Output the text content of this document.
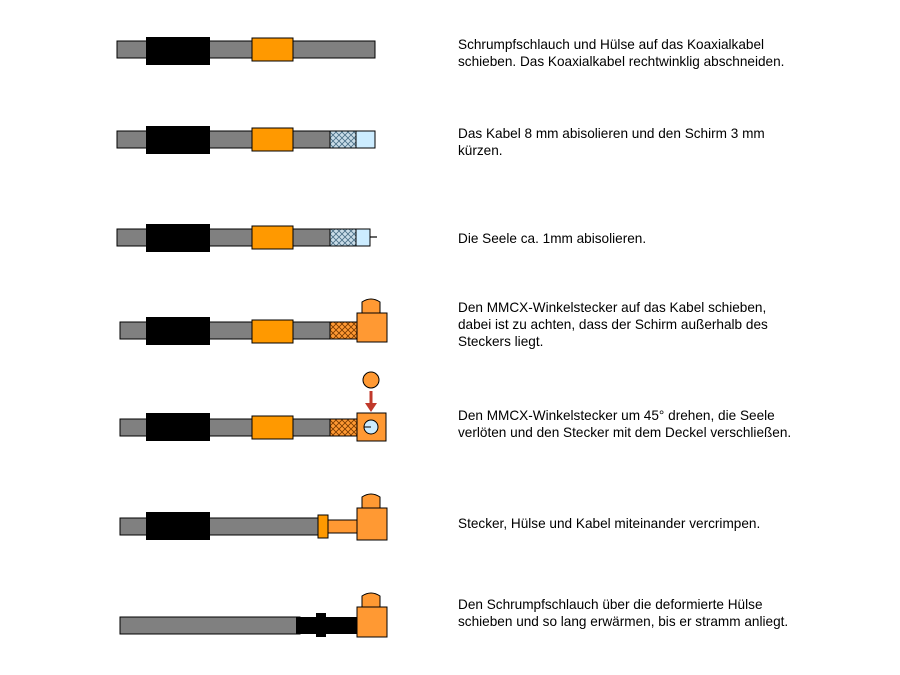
Schrumpfschlauch und Hülse auf das Koaxialkabel
schieben. Das Koaxialkabel rechtwinklig abschneiden.
Das Kabel 8 mm abisolieren und den Schirm 3 mm
kürzen.
Die Seele ca. 1mm abisolieren.
Den MMCX-Winkelstecker auf das Kabel schieben,
dabei ist zu achten, dass der Schirm außerhalb des
Steckers liegt.
Den MMCX-Winkelstecker um 45° drehen, die Seele
verlöten und den Stecker mit dem Deckel verschließen.
Stecker, Hülse und Kabel miteinander vercrimpen.
Den Schrumpfschlauch über die deformierte Hülse
schieben und so lang erwärmen, bis er stramm anliegt.
